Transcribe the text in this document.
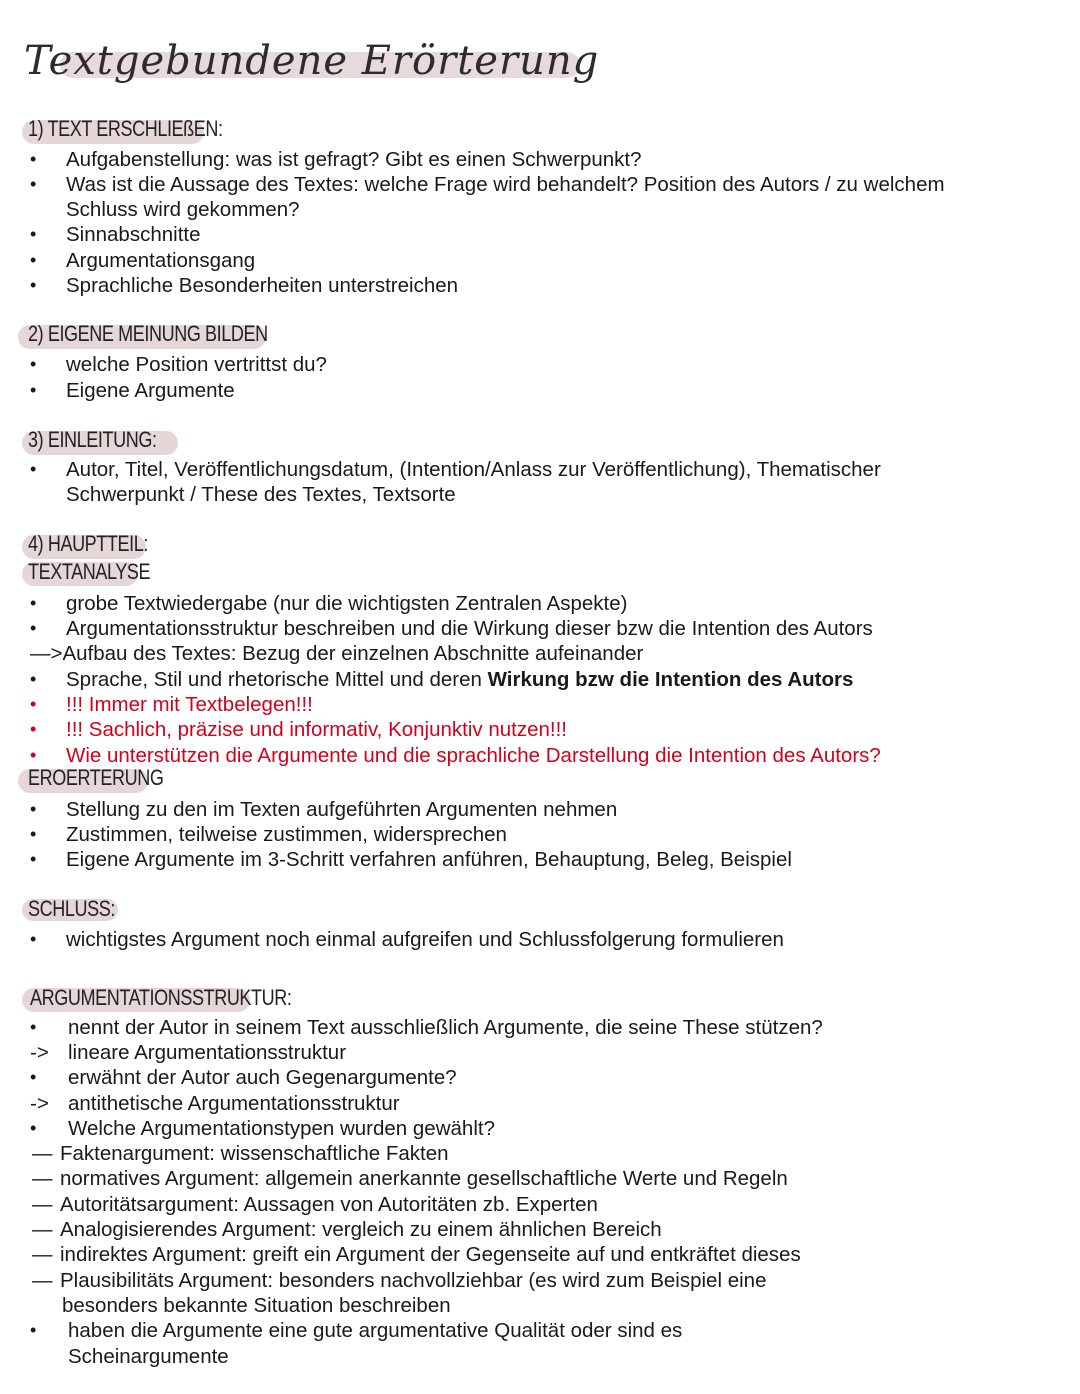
Textgebundene Erörterung
1) TEXT ERSCHLIEßEN:
• Aufgabenstellung: was ist gefragt? Gibt es einen Schwerpunkt?
• Was ist die Aussage des Textes: welche Frage wird behandelt? Position des Autors / zu welchem
Schluss wird gekommen?
• Sinnabschnitte
• Argumentationsgang
• Sprachliche Besonderheiten unterstreichen
2) EIGENE MEINUNG BILDEN
• welche Position vertrittst du?
• Eigene Argumente
3) EINLEITUNG:
• Autor, Titel, Veröffentlichungsdatum, (Intention/Anlass zur Veröffentlichung), Thematischer
Schwerpunkt / These des Textes, Textsorte
4) HAUPTTEIL:
TEXTANALYSE
• grobe Textwiedergabe (nur die wichtigsten Zentralen Aspekte)
• Argumentationsstruktur beschreiben und die Wirkung dieser bzw die Intention des Autors
—>Aufbau des Textes: Bezug der einzelnen Abschnitte aufeinander
• Sprache, Stil und rhetorische Mittel und deren Wirkung bzw die Intention des Autors
• !!! Immer mit Textbelegen!!!
• !!! Sachlich, präzise und informativ, Konjunktiv nutzen!!!
• Wie unterstützen die Argumente und die sprachliche Darstellung die Intention des Autors?
EROERTERUNG
• Stellung zu den im Texten aufgeführten Argumenten nehmen
• Zustimmen, teilweise zustimmen, widersprechen
• Eigene Argumente im 3-Schritt verfahren anführen, Behauptung, Beleg, Beispiel
SCHLUSS:
• wichtigstes Argument noch einmal aufgreifen und Schlussfolgerung formulieren
ARGUMENTATIONSSTRUKTUR:
• nennt der Autor in seinem Text ausschließlich Argumente, die seine These stützen?
-> lineare Argumentationsstruktur
• erwähnt der Autor auch Gegenargumente?
-> antithetische Argumentationsstruktur
• Welche Argumentationstypen wurden gewählt?
— Faktenargument: wissenschaftliche Fakten
— normatives Argument: allgemein anerkannte gesellschaftliche Werte und Regeln
— Autoritätsargument: Aussagen von Autoritäten zb. Experten
— Analogisierendes Argument: vergleich zu einem ähnlichen Bereich
— indirektes Argument: greift ein Argument der Gegenseite auf und entkräftet dieses
— Plausibilitäts Argument: besonders nachvollziehbar (es wird zum Beispiel eine
besonders bekannte Situation beschreiben
• haben die Argumente eine gute argumentative Qualität oder sind es
Scheinargumente
